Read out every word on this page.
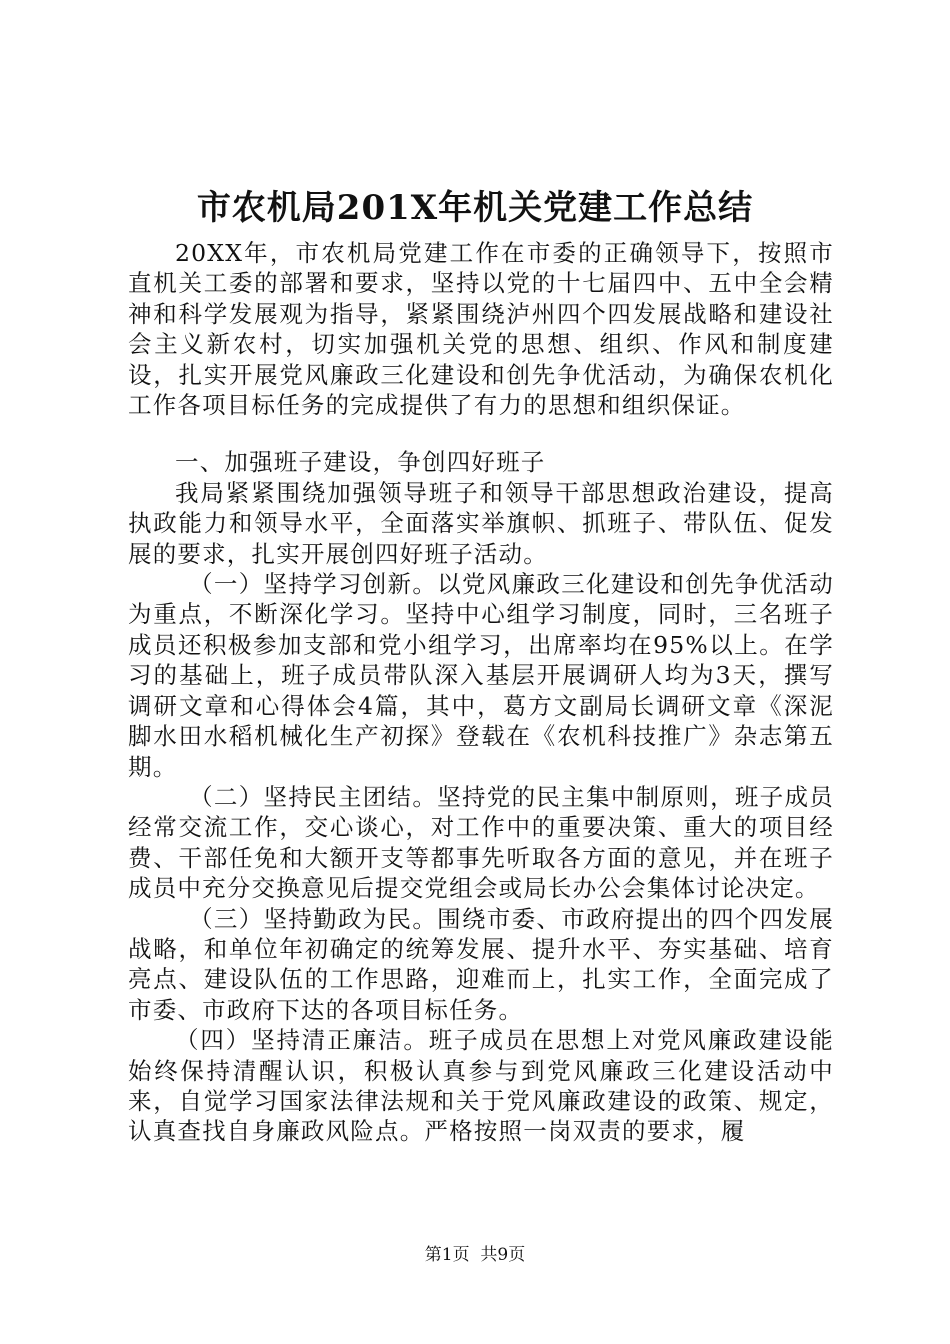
市农机局201X年机关党建工作总结

20XX年，市农机局党建工作在市委的正确领导下，按照市直机关工委的部署和要求，坚持以党的十七届四中、五中全会精神和科学发展观为指导，紧紧围绕泸州四个四发展战略和建设社会主义新农村，切实加强机关党的思想、组织、作风和制度建设，扎实开展党风廉政三化建设和创先争优活动，为确保农机化工作各项目标任务的完成提供了有力的思想和组织保证。

一、加强班子建设，争创四好班子

我局紧紧围绕加强领导班子和领导干部思想政治建设，提高执政能力和领导水平，全面落实举旗帜、抓班子、带队伍、促发展的要求，扎实开展创四好班子活动。

（一）坚持学习创新。以党风廉政三化建设和创先争优活动为重点，不断深化学习。坚持中心组学习制度，同时，三名班子成员还积极参加支部和党小组学习，出席率均在95%以上。在学习的基础上，班子成员带队深入基层开展调研人均为3天，撰写调研文章和心得体会4篇，其中，葛方文副局长调研文章《深泥脚水田水稻机械化生产初探》登载在《农机科技推广》杂志第五期。

（二）坚持民主团结。坚持党的民主集中制原则，班子成员经常交流工作，交心谈心，对工作中的重要决策、重大的项目经费、干部任免和大额开支等都事先听取各方面的意见，并在班子成员中充分交换意见后提交党组会或局长办公会集体讨论决定。

（三）坚持勤政为民。围绕市委、市政府提出的四个四发展战略，和单位年初确定的统筹发展、提升水平、夯实基础、培育亮点、建设队伍的工作思路，迎难而上，扎实工作，全面完成了市委、市政府下达的各项目标任务。

（四）坚持清正廉洁。班子成员在思想上对党风廉政建设能始终保持清醒认识，积极认真参与到党风廉政三化建设活动中来，自觉学习国家法律法规和关于党风廉政建设的政策、规定，认真查找自身廉政风险点。严格按照一岗双责的要求，履

第1页  共9页
